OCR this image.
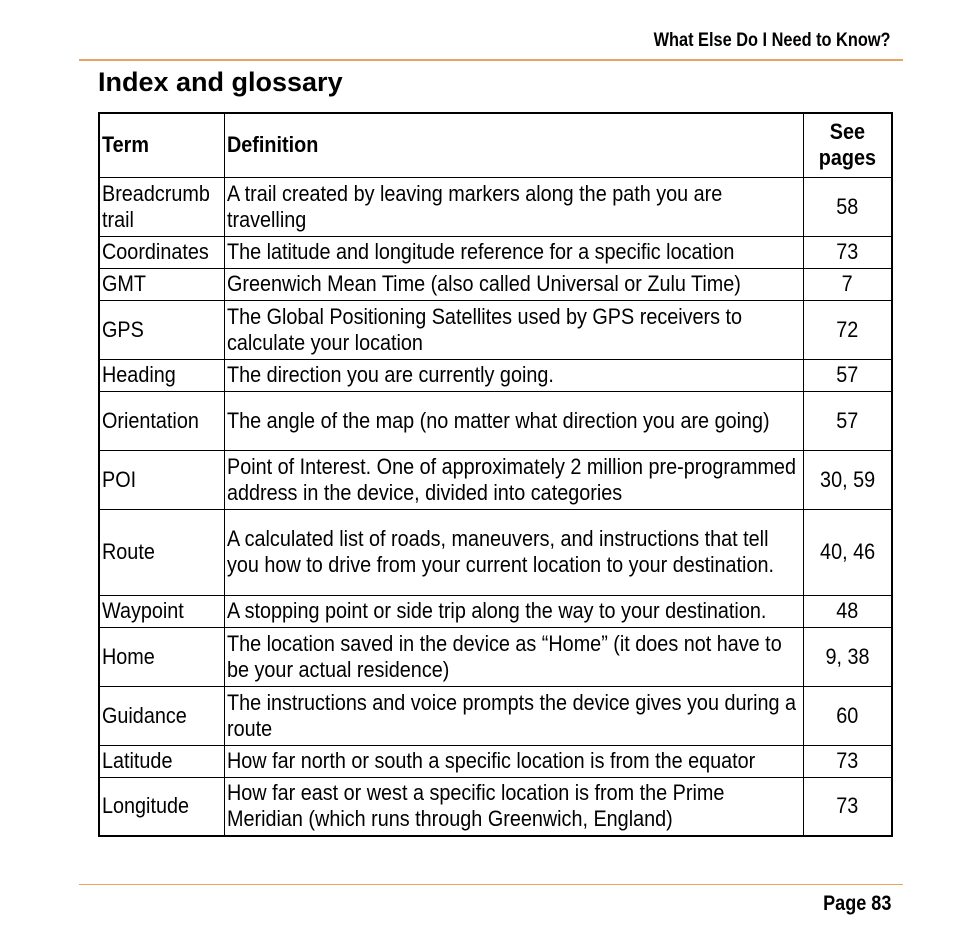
What Else Do I Need to Know?
Index and glossary
Term	Definition	See pages
Breadcrumb trail	A trail created by leaving markers along the path you are travelling	58
Coordinates	The latitude and longitude reference for a specific location	73
GMT	Greenwich Mean Time (also called Universal or Zulu Time)	7
GPS	The Global Positioning Satellites used by GPS receivers to calculate your location	72
Heading	The direction you are currently going.	57
Orientation	The angle of the map (no matter what direction you are going)	57
POI	Point of Interest. One of approximately 2 million pre-programmed address in the device, divided into categories	30, 59
Route	A calculated list of roads, maneuvers, and instructions that tell you how to drive from your current location to your destination.	40, 46
Waypoint	A stopping point or side trip along the way to your destination.	48
Home	The location saved in the device as “Home” (it does not have to be your actual residence)	9, 38
Guidance	The instructions and voice prompts the device gives you during a route	60
Latitude	How far north or south a specific location is from the equator	73
Longitude	How far east or west a specific location is from the Prime Meridian (which runs through Greenwich, England)	73
Page 83
